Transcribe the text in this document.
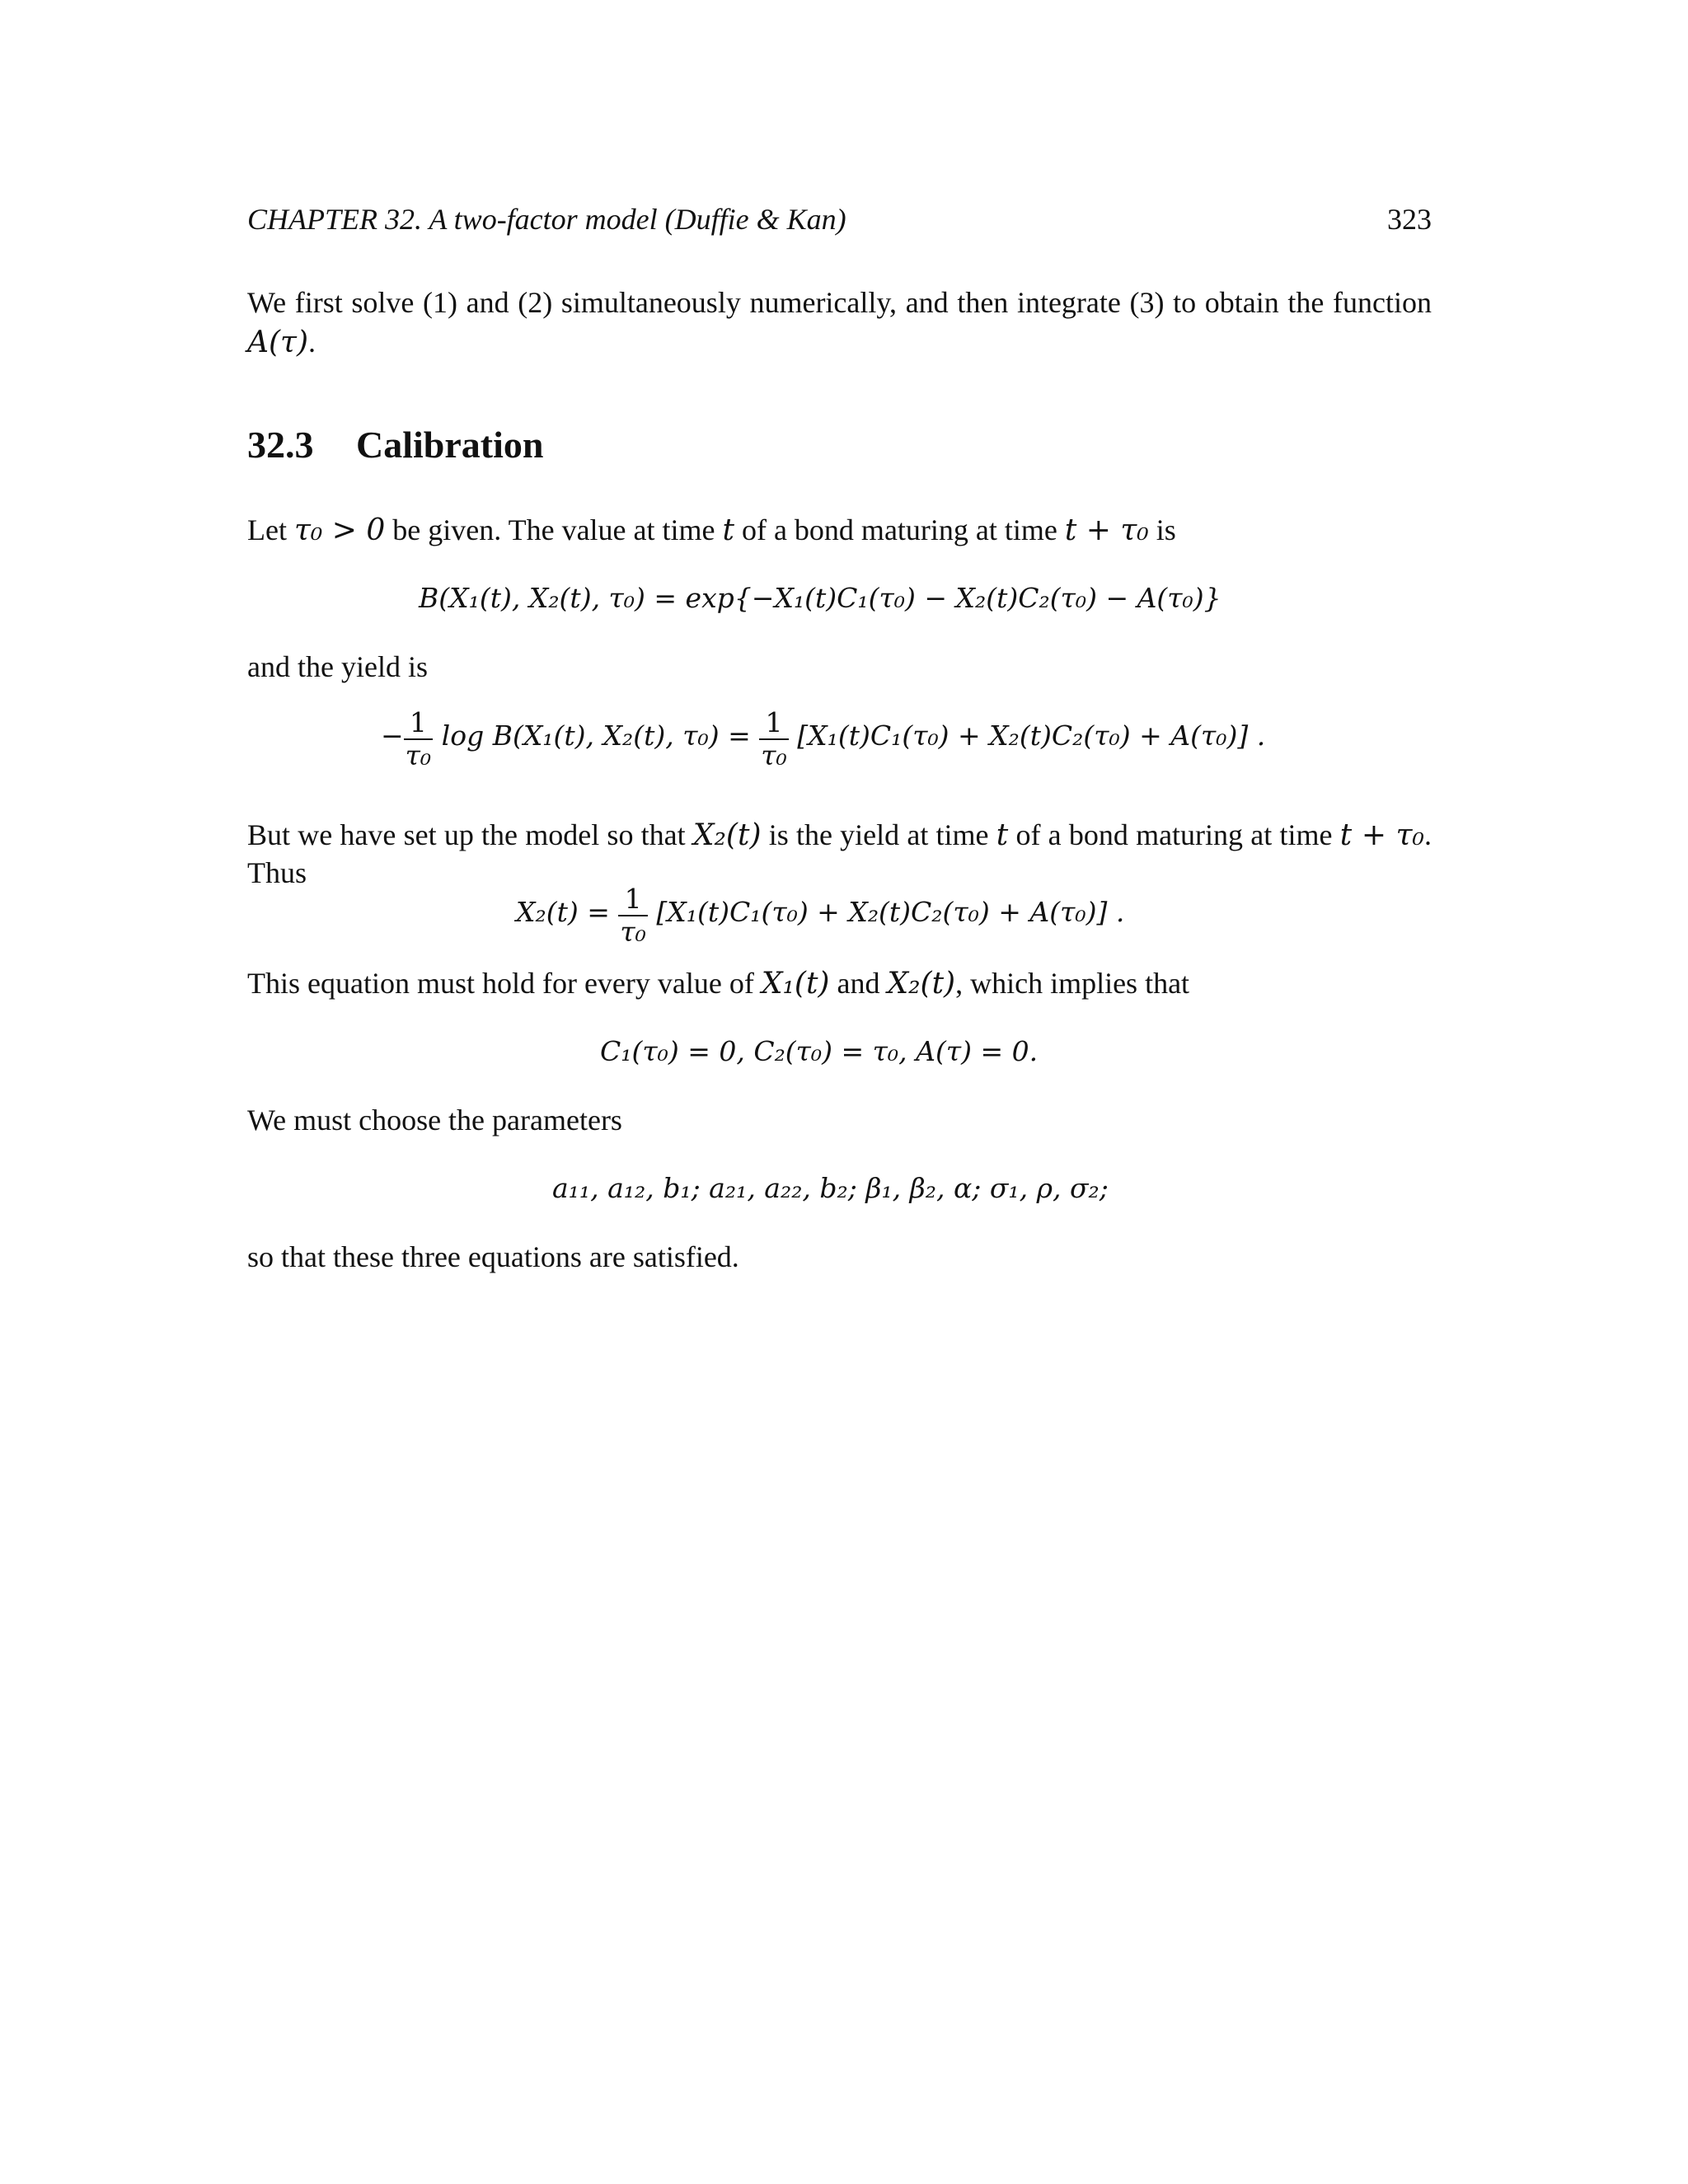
CHAPTER 32. A two-factor model (Duffie & Kan)	323
We first solve (1) and (2) simultaneously numerically, and then integrate (3) to obtain the function
A(τ).
32.3 Calibration
Let τ₀ > 0 be given. The value at time t of a bond maturing at time t + τ₀ is
B(X₁(t), X₂(t), τ₀) = exp{−X₁(t)C₁(τ₀) − X₂(t)C₂(τ₀) − A(τ₀)}
and the yield is
− $\frac{1}{\text{τ₀}}$ log B(X₁(t), X₂(t), $\tau_0) = \frac{1}{\text{τ₀}} [X_1(t)C_1(\tau_0) + X_2(t)C_2(\tau_0) + A(\tau_0)]$ .
But we have set up the model so that X₂(t) is the yield at time t of a bond maturing at time t + τ₀.
Thus
$X_2(t) = \frac{1}{\text{τ₀}} [X_1(t)C_1(\tau_0) + X_2(t)C_2(\tau_0) + A(\tau_0)]$ .
This equation must hold for every value of X₁(t) and X₂(t), which implies that
C₁(τ₀) = 0, C₂(τ₀) = τ₀, A(τ) = 0.
We must choose the parameters
a₁₁, a₁₂, b₁; a₂₁, a₂₂, b₂; β₁, β₂, α; σ₁, ρ, σ₂;
so that these three equations are satisfied.
